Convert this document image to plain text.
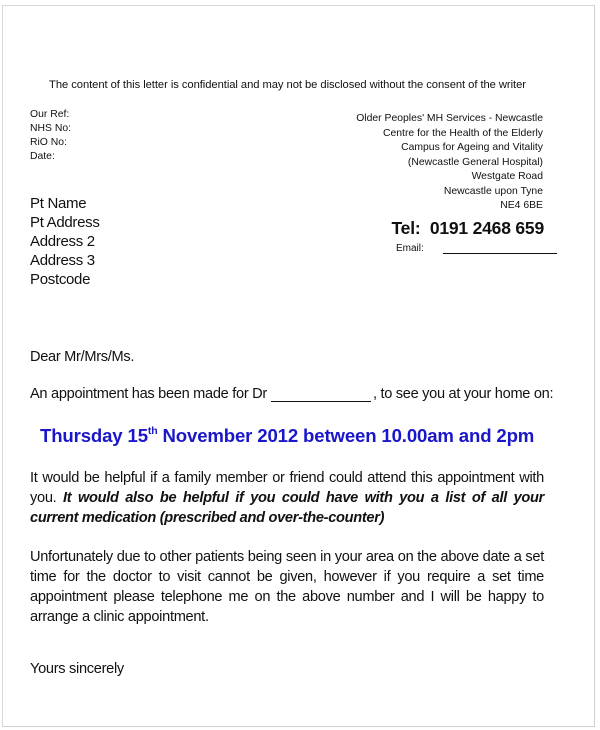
The content of this letter is confidential and may not be disclosed without the consent of the writer
Our Ref:
NHS No:
RiO No:
Date:
Older Peoples' MH Services - Newcastle
Centre for the Health of the Elderly
Campus for Ageing and Vitality
(Newcastle General Hospital)
Westgate Road
Newcastle upon Tyne
NE4 6BE
Tel: 0191 2468 659
Email:
Pt Name
Pt Address
Address 2
Address 3
Postcode
Dear Mr/Mrs/Ms.
An appointment has been made for Dr	, to see you at your home on:
Thursday 15th November 2012 between 10.00am and 2pm
It would be helpful if a family member or friend could attend this appointment with you. It would also be helpful if you could have with you a list of all your current medication (prescribed and over-the-counter)
Unfortunately due to other patients being seen in your area on the above date a set time for the doctor to visit cannot be given, however if you require a set time appointment please telephone me on the above number and I will be happy to arrange a clinic appointment.
Yours sincerely
